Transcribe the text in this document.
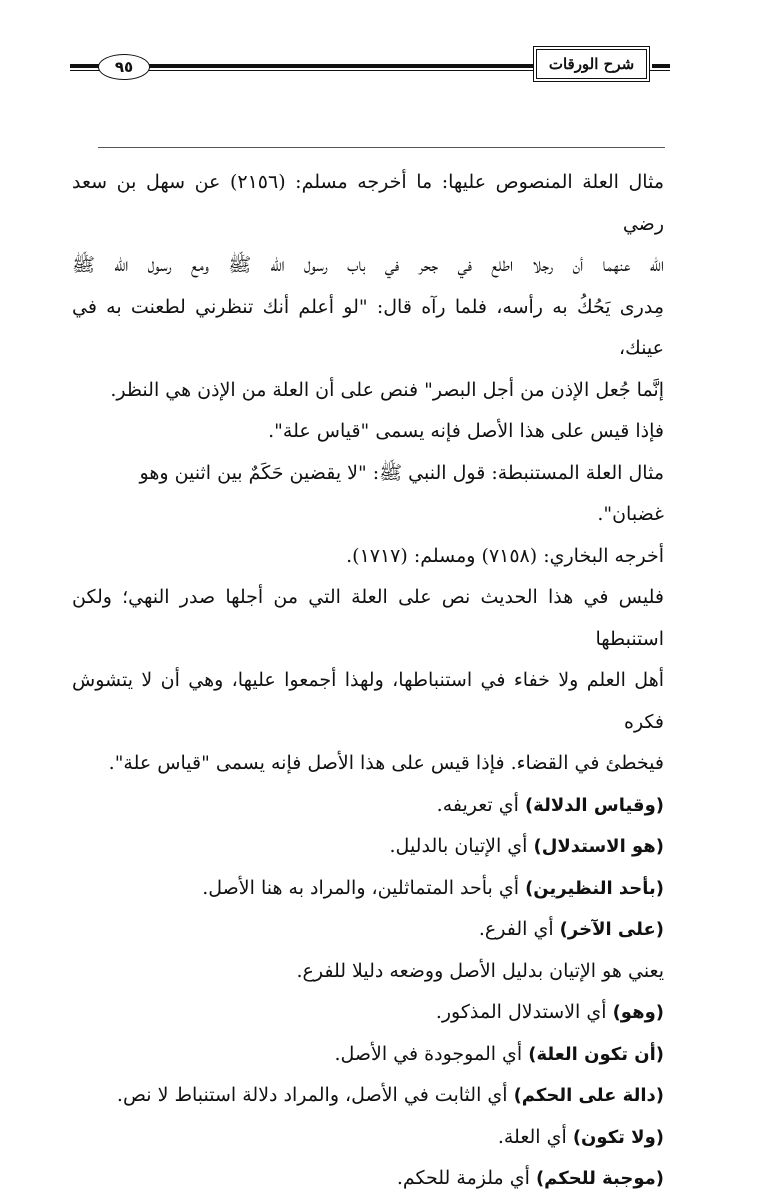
٩٥	شرح الورقات

مثال العلة المنصوص عليها: ما أخرجه مسلم: (٢١٥٦) عن سهل بن سعد رضي

الله عنهما أن رجلا اطلع في جحر في باب رسول الله ﷺ ومع رسول الله ﷺ

مِدرى يَحُكُ به رأسه، فلما رآه قال: "لو أعلم أنك تنظرني لطعنت به في عينك،

إنَّما جُعل الإذن من أجل البصر" فنص على أن العلة من الإذن هي النظر.

فإذا قيس على هذا الأصل فإنه يسمى "قياس علة".

مثال العلة المستنبطة: قول النبي ﷺ: "لا يقضين حَكَمٌ بين اثنين وهو غضبان".

أخرجه البخاري: (٧١٥٨) ومسلم: (١٧١٧).

فليس في هذا الحديث نص على العلة التي من أجلها صدر النهي؛ ولكن استنبطها

أهل العلم ولا خفاء في استنباطها، ولهذا أجمعوا عليها، وهي أن لا يتشوش فكره

فيخطئ في القضاء. فإذا قيس على هذا الأصل فإنه يسمى "قياس علة".

(وقياس الدلالة) أي تعريفه.

(هو الاستدلال) أي الإتيان بالدليل.

(بأحد النظيرين) أي بأحد المتماثلين، والمراد به هنا الأصل.

(على الآخر) أي الفرع.

يعني هو الإتيان بدليل الأصل ووضعه دليلا للفرع.

(وهو) أي الاستدلال المذكور.

(أن تكون العلة) أي الموجودة في الأصل.

(دالة على الحكم) أي الثابت في الأصل، والمراد دلالة استنباط لا نص.

(ولا تكون) أي العلة.

(موجبة للحكم) أي ملزمة للحكم.
